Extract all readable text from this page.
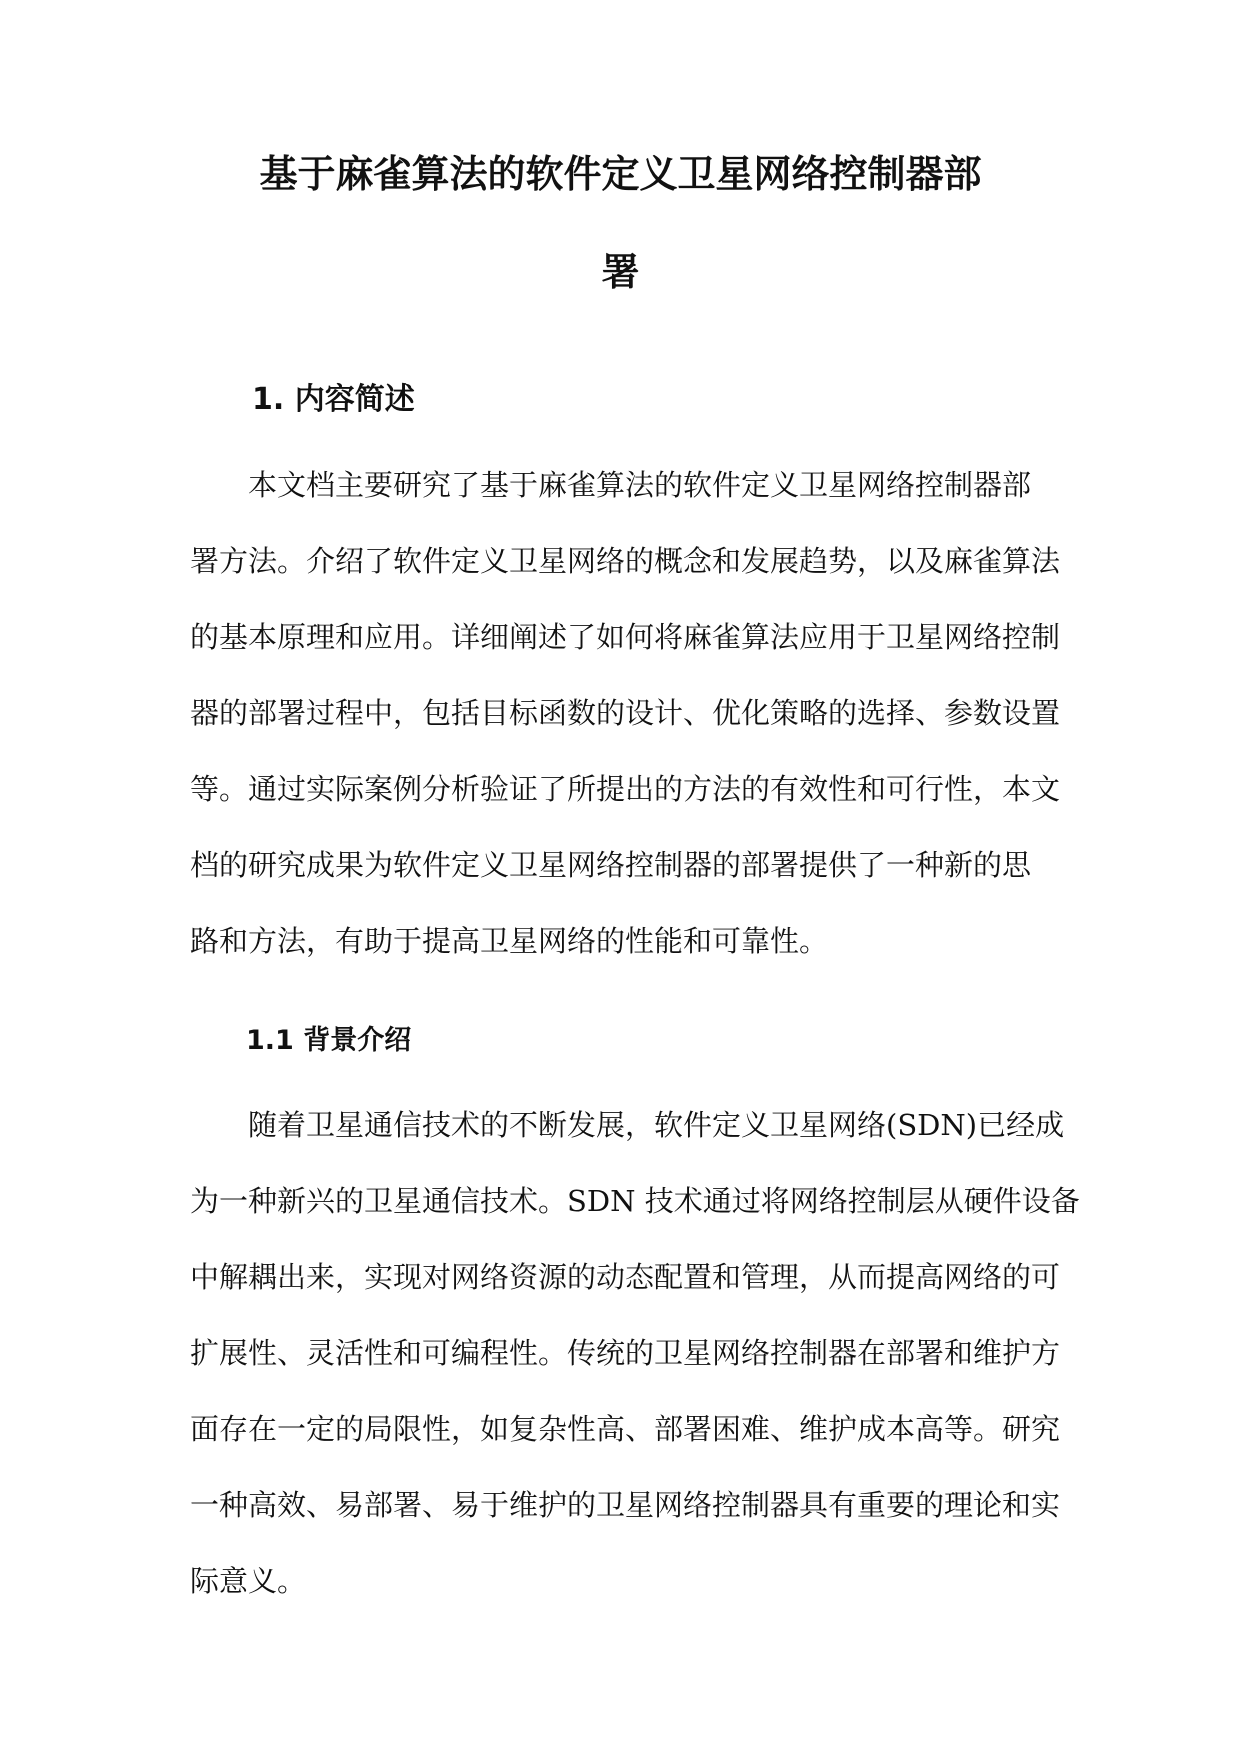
基于麻雀算法的软件定义卫星网络控制器部
署
1. 内容简述

本文档主要研究了基于麻雀算法的软件定义卫星网络控制器部
署方法。介绍了软件定义卫星网络的概念和发展趋势，以及麻雀算法
的基本原理和应用。详细阐述了如何将麻雀算法应用于卫星网络控制
器的部署过程中，包括目标函数的设计、优化策略的选择、参数设置
等。通过实际案例分析验证了所提出的方法的有效性和可行性，本文
档的研究成果为软件定义卫星网络控制器的部署提供了一种新的思
路和方法，有助于提高卫星网络的性能和可靠性。

1.1 背景介绍

随着卫星通信技术的不断发展，软件定义卫星网络(SDN)已经成
为一种新兴的卫星通信技术。SDN 技术通过将网络控制层从硬件设备
中解耦出来，实现对网络资源的动态配置和管理，从而提高网络的可
扩展性、灵活性和可编程性。传统的卫星网络控制器在部署和维护方
面存在一定的局限性，如复杂性高、部署困难、维护成本高等。研究
一种高效、易部署、易于维护的卫星网络控制器具有重要的理论和实
际意义。
